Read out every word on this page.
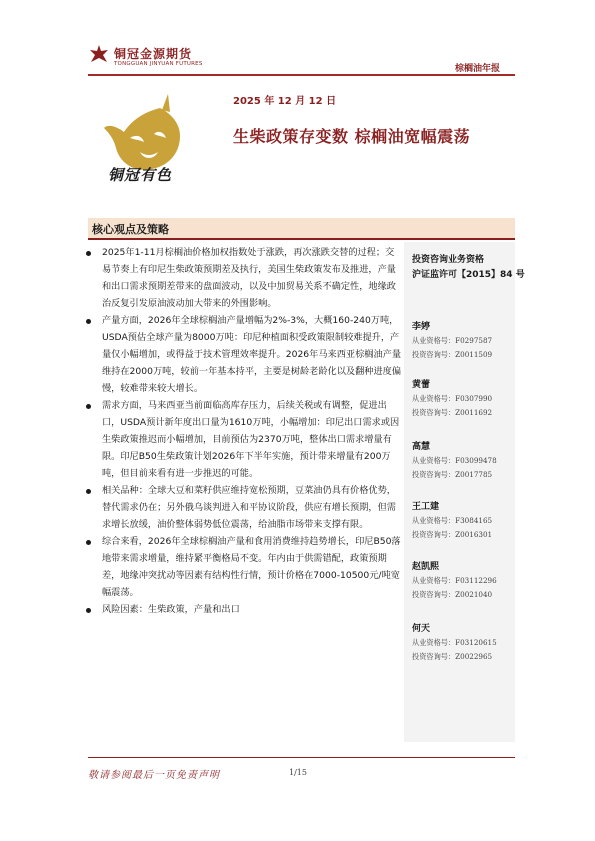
铜冠金源期货
TONGGUAN JINYUAN FUTURES	棕榈油年报
铜冠有色
2025 年 12 月 12 日
生柴政策存变数 棕榈油宽幅震荡
核心观点及策略
2025年1-11月棕榈油价格加权指数处于涨跌，再次涨跌交替的过程；交易节奏上有印尼生柴政策预期差及执行，美国生柴政策发布及推进，产量和出口需求预期差带来的盘面波动，以及中加贸易关系不确定性，地缘政治反复引发原油波动加大带来的外围影响。
产量方面，2026年全球棕榈油产量增幅为2%-3%，大概160-240万吨，USDA预估全球产量为8000万吨：印尼种植面积受政策限制较难提升，产量仅小幅增加，或得益于技术管理效率提升。2026年马来西亚棕榈油产量维持在2000万吨，较前一年基本持平，主要是树龄老龄化以及翻种进度偏慢，较难带来较大增长。
需求方面，马来西亚当前面临高库存压力，后续关税或有调整，促进出口，USDA预计新年度出口量为1610万吨，小幅增加：印尼出口需求或因生柴政策推迟而小幅增加，目前预估为2370万吨，整体出口需求增量有限。印尼B50生柴政策计划2026年下半年实施，预计带来增量有200万吨，但目前来看有进一步推迟的可能。
相关品种：全球大豆和菜籽供应维持宽松预期，豆菜油仍具有价格优势，替代需求仍在；另外俄乌谈判进入和平协议阶段，供应有增长预期，但需求增长放缓，油价整体弱势低位震荡，给油脂市场带来支撑有限。
综合来看，2026年全球棕榈油产量和食用消费维持趋势增长，印尼B50落地带来需求增量，维持紧平衡格局不变。年内由于供需错配，政策预期差，地缘冲突扰动等因素有结构性行情，预计价格在7000-10500元/吨宽幅震荡。
风险因素：生柴政策，产量和出口
投资咨询业务资格
沪证监许可【2015】84 号
李婷
从业资格号：F0297587
投资咨询号：Z0011509
黄蕾
从业资格号：F0307990
投资咨询号：Z0011692
高慧
从业资格号：F03099478
投资咨询号：Z0017785
王工建
从业资格号：F3084165
投资咨询号：Z0016301
赵凯熙
从业资格号：F03112296
投资咨询号：Z0021040
何天
从业资格号：F03120615
投资咨询号：Z0022965
敬请参阅最后一页免责声明	1/15
